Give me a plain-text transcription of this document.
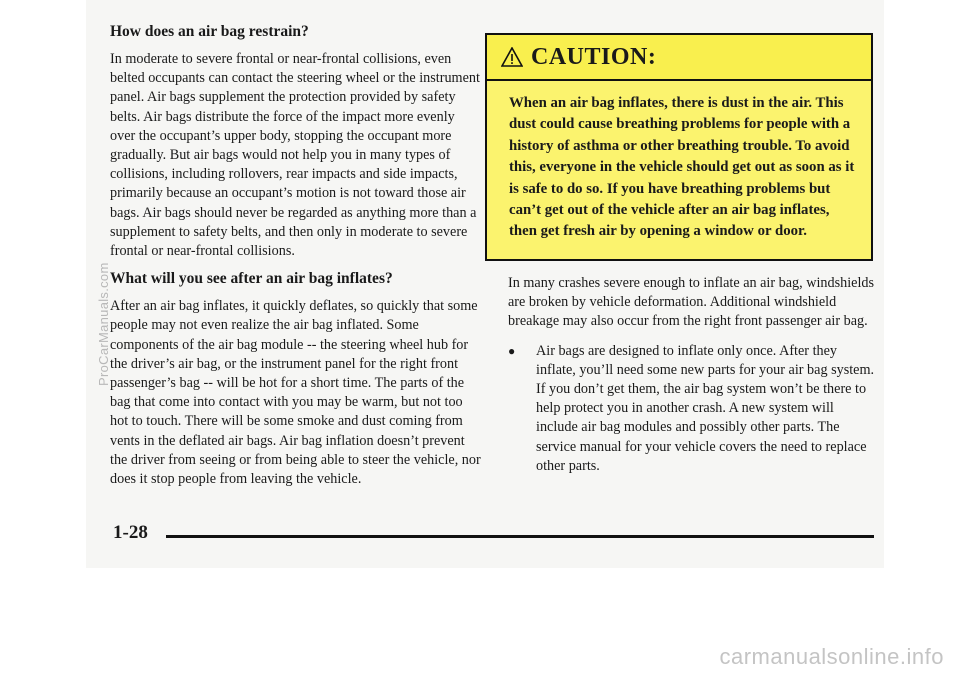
How does an air bag restrain?
In moderate to severe frontal or near-frontal collisions, even belted occupants can contact the steering wheel or the instrument panel. Air bags supplement the protection provided by safety belts. Air bags distribute the force of the impact more evenly over the occupant’s upper body, stopping the occupant more gradually. But air bags would not help you in many types of collisions, including rollovers, rear impacts and side impacts, primarily because an occupant’s motion is not toward those air bags. Air bags should never be regarded as anything more than a supplement to safety belts, and then only in moderate to severe frontal or near-frontal collisions.
What will you see after an air bag inflates?
After an air bag inflates, it quickly deflates, so quickly that some people may not even realize the air bag inflated. Some components of the air bag module -- the steering wheel hub for the driver’s air bag, or the instrument panel for the right front passenger’s bag -- will be hot for a short time. The parts of the bag that come into contact with you may be warm, but not too hot to touch. There will be some smoke and dust coming from vents in the deflated air bags. Air bag inflation doesn’t prevent the driver from seeing or from being able to steer the vehicle, nor does it stop people from leaving the vehicle.
CAUTION:
When an air bag inflates, there is dust in the air. This dust could cause breathing problems for people with a history of asthma or other breathing trouble. To avoid this, everyone in the vehicle should get out as soon as it is safe to do so. If you have breathing problems but can’t get out of the vehicle after an air bag inflates, then get fresh air by opening a window or door.
In many crashes severe enough to inflate an air bag, windshields are broken by vehicle deformation. Additional windshield breakage may also occur from the right front passenger air bag.
●	Air bags are designed to inflate only once. After they inflate, you’ll need some new parts for your air bag system. If you don’t get them, the air bag system won’t be there to help protect you in another crash. A new system will include air bag modules and possibly other parts. The service manual for your vehicle covers the need to replace other parts.
1-28
ProCarManuals.com
carmanualsonline.info
